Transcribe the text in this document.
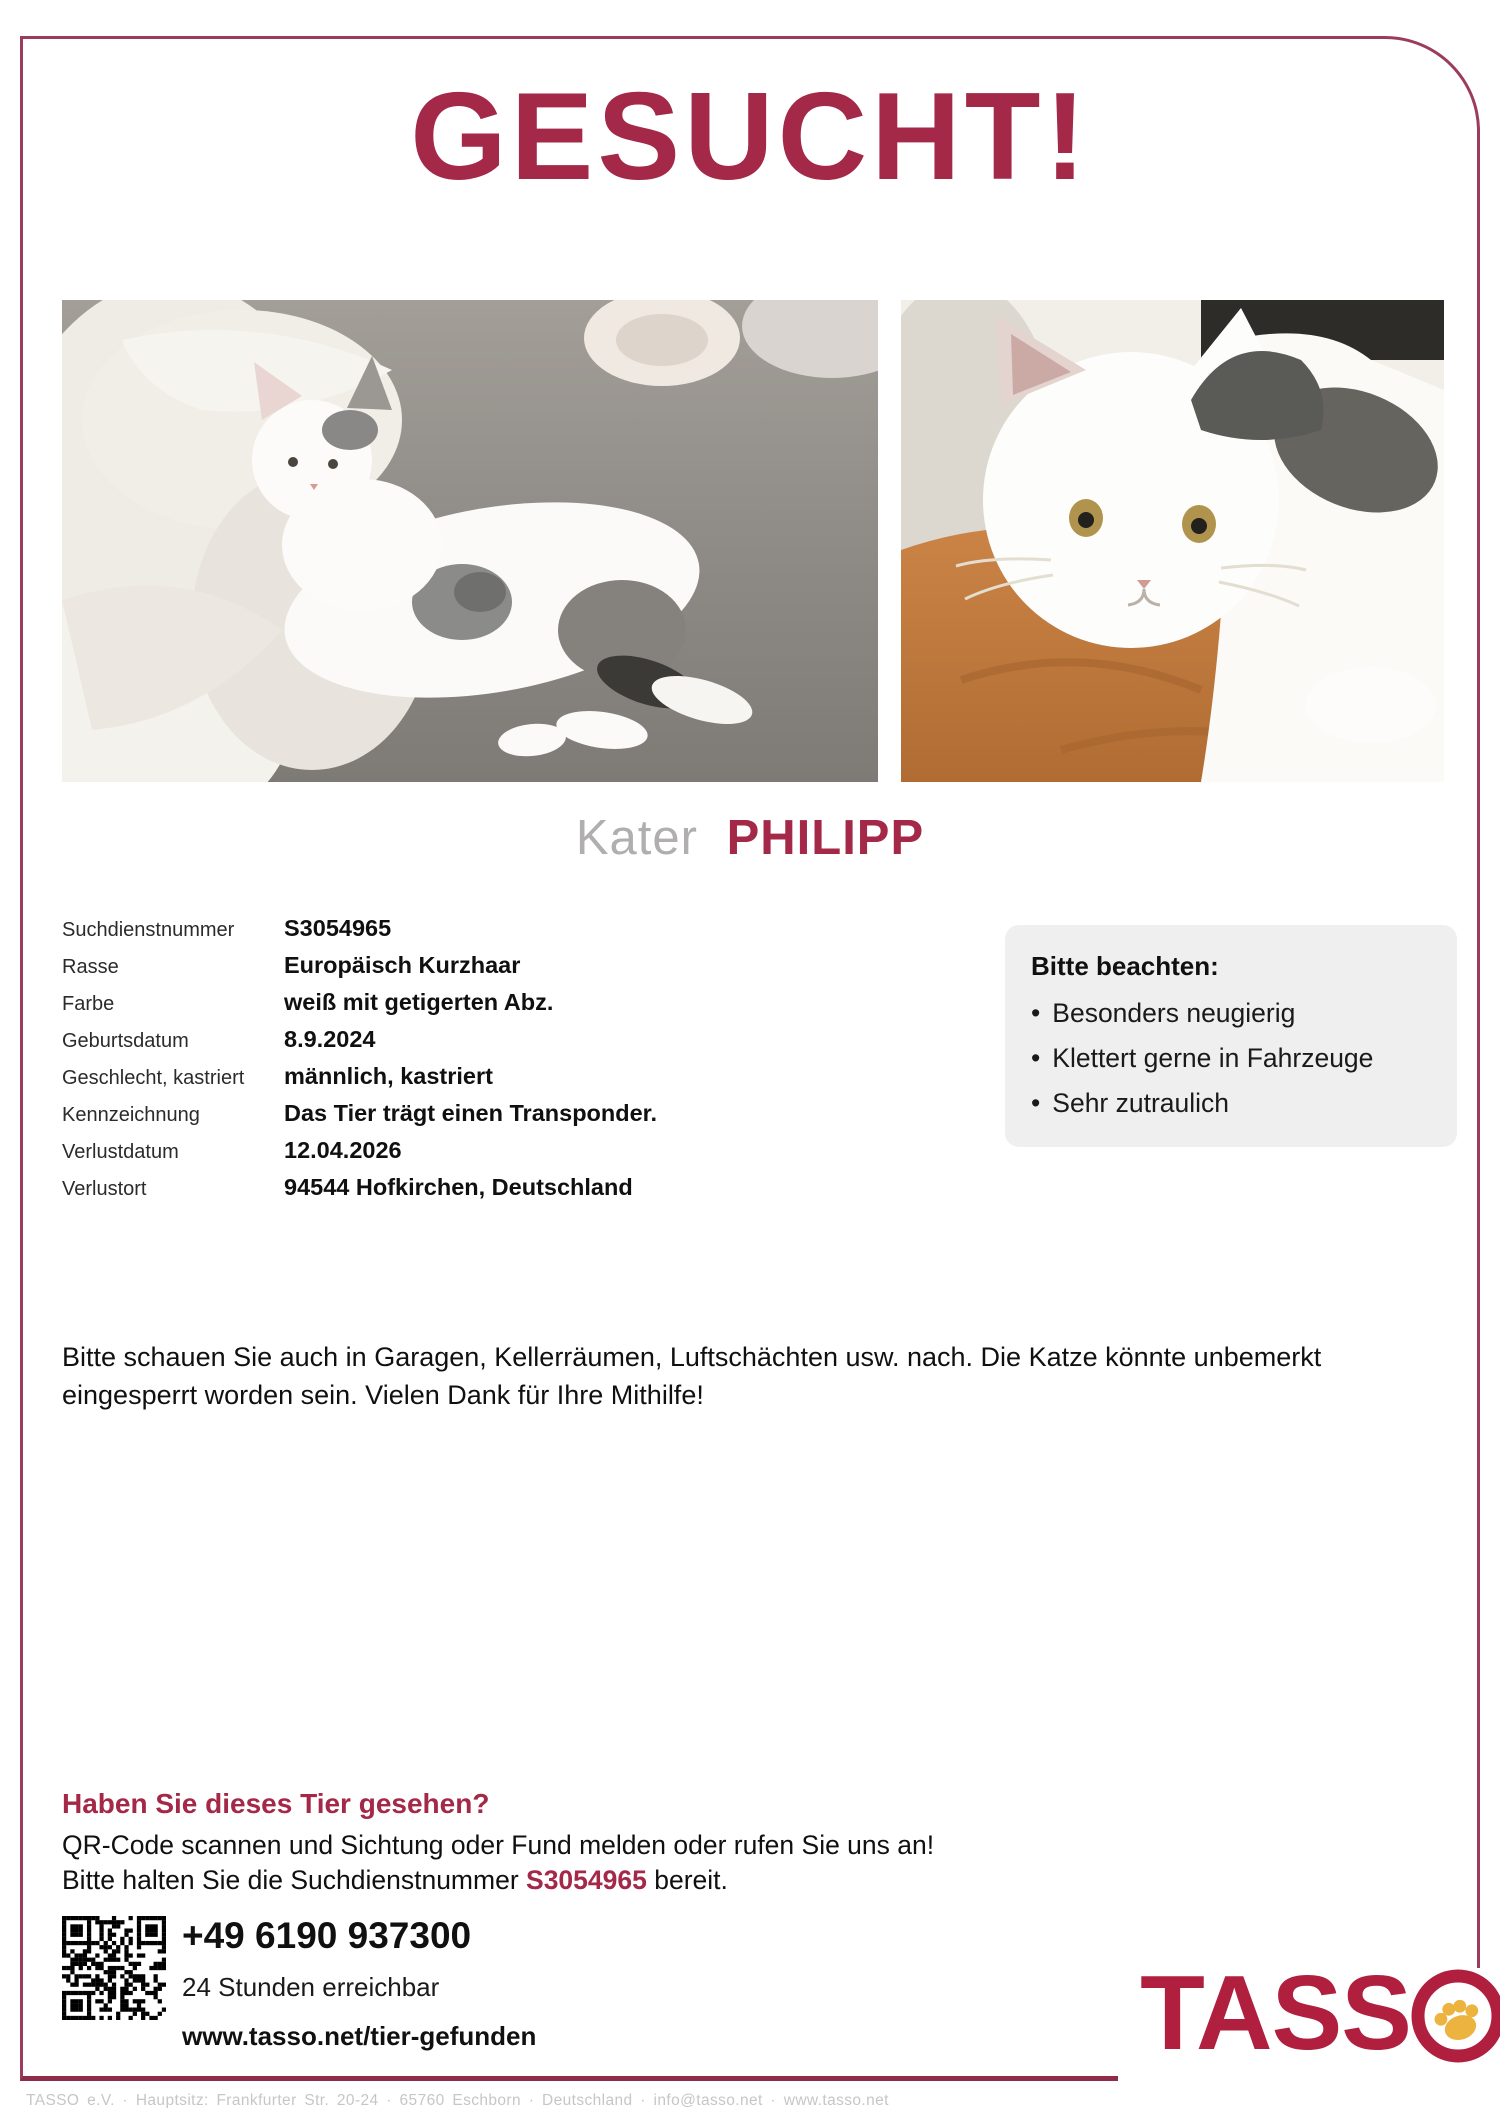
GESUCHT!
Kater PHILIPP
Suchdienstnummer	S3054965
Rasse	Europäisch Kurzhaar
Farbe	weiß mit getigerten Abz.
Geburtsdatum	8.9.2024
Geschlecht, kastriert	männlich, kastriert
Kennzeichnung	Das Tier trägt einen Transponder.
Verlustdatum	12.04.2026
Verlustort	94544 Hofkirchen, Deutschland
Bitte beachten:
• Besonders neugierig
• Klettert gerne in Fahrzeuge
• Sehr zutraulich
Bitte schauen Sie auch in Garagen, Kellerräumen, Luftschächten usw. nach. Die Katze könnte unbemerkt eingesperrt worden sein. Vielen Dank für Ihre Mithilfe!
Haben Sie dieses Tier gesehen?
QR-Code scannen und Sichtung oder Fund melden oder rufen Sie uns an!
Bitte halten Sie die Suchdienstnummer S3054965 bereit.
+49 6190 937300
24 Stunden erreichbar
www.tasso.net/tier-gefunden	TASS
TASSO e.V. · Hauptsitz: Frankfurter Str. 20-24 · 65760 Eschborn · Deutschland · info@tasso.net · www.tasso.net
